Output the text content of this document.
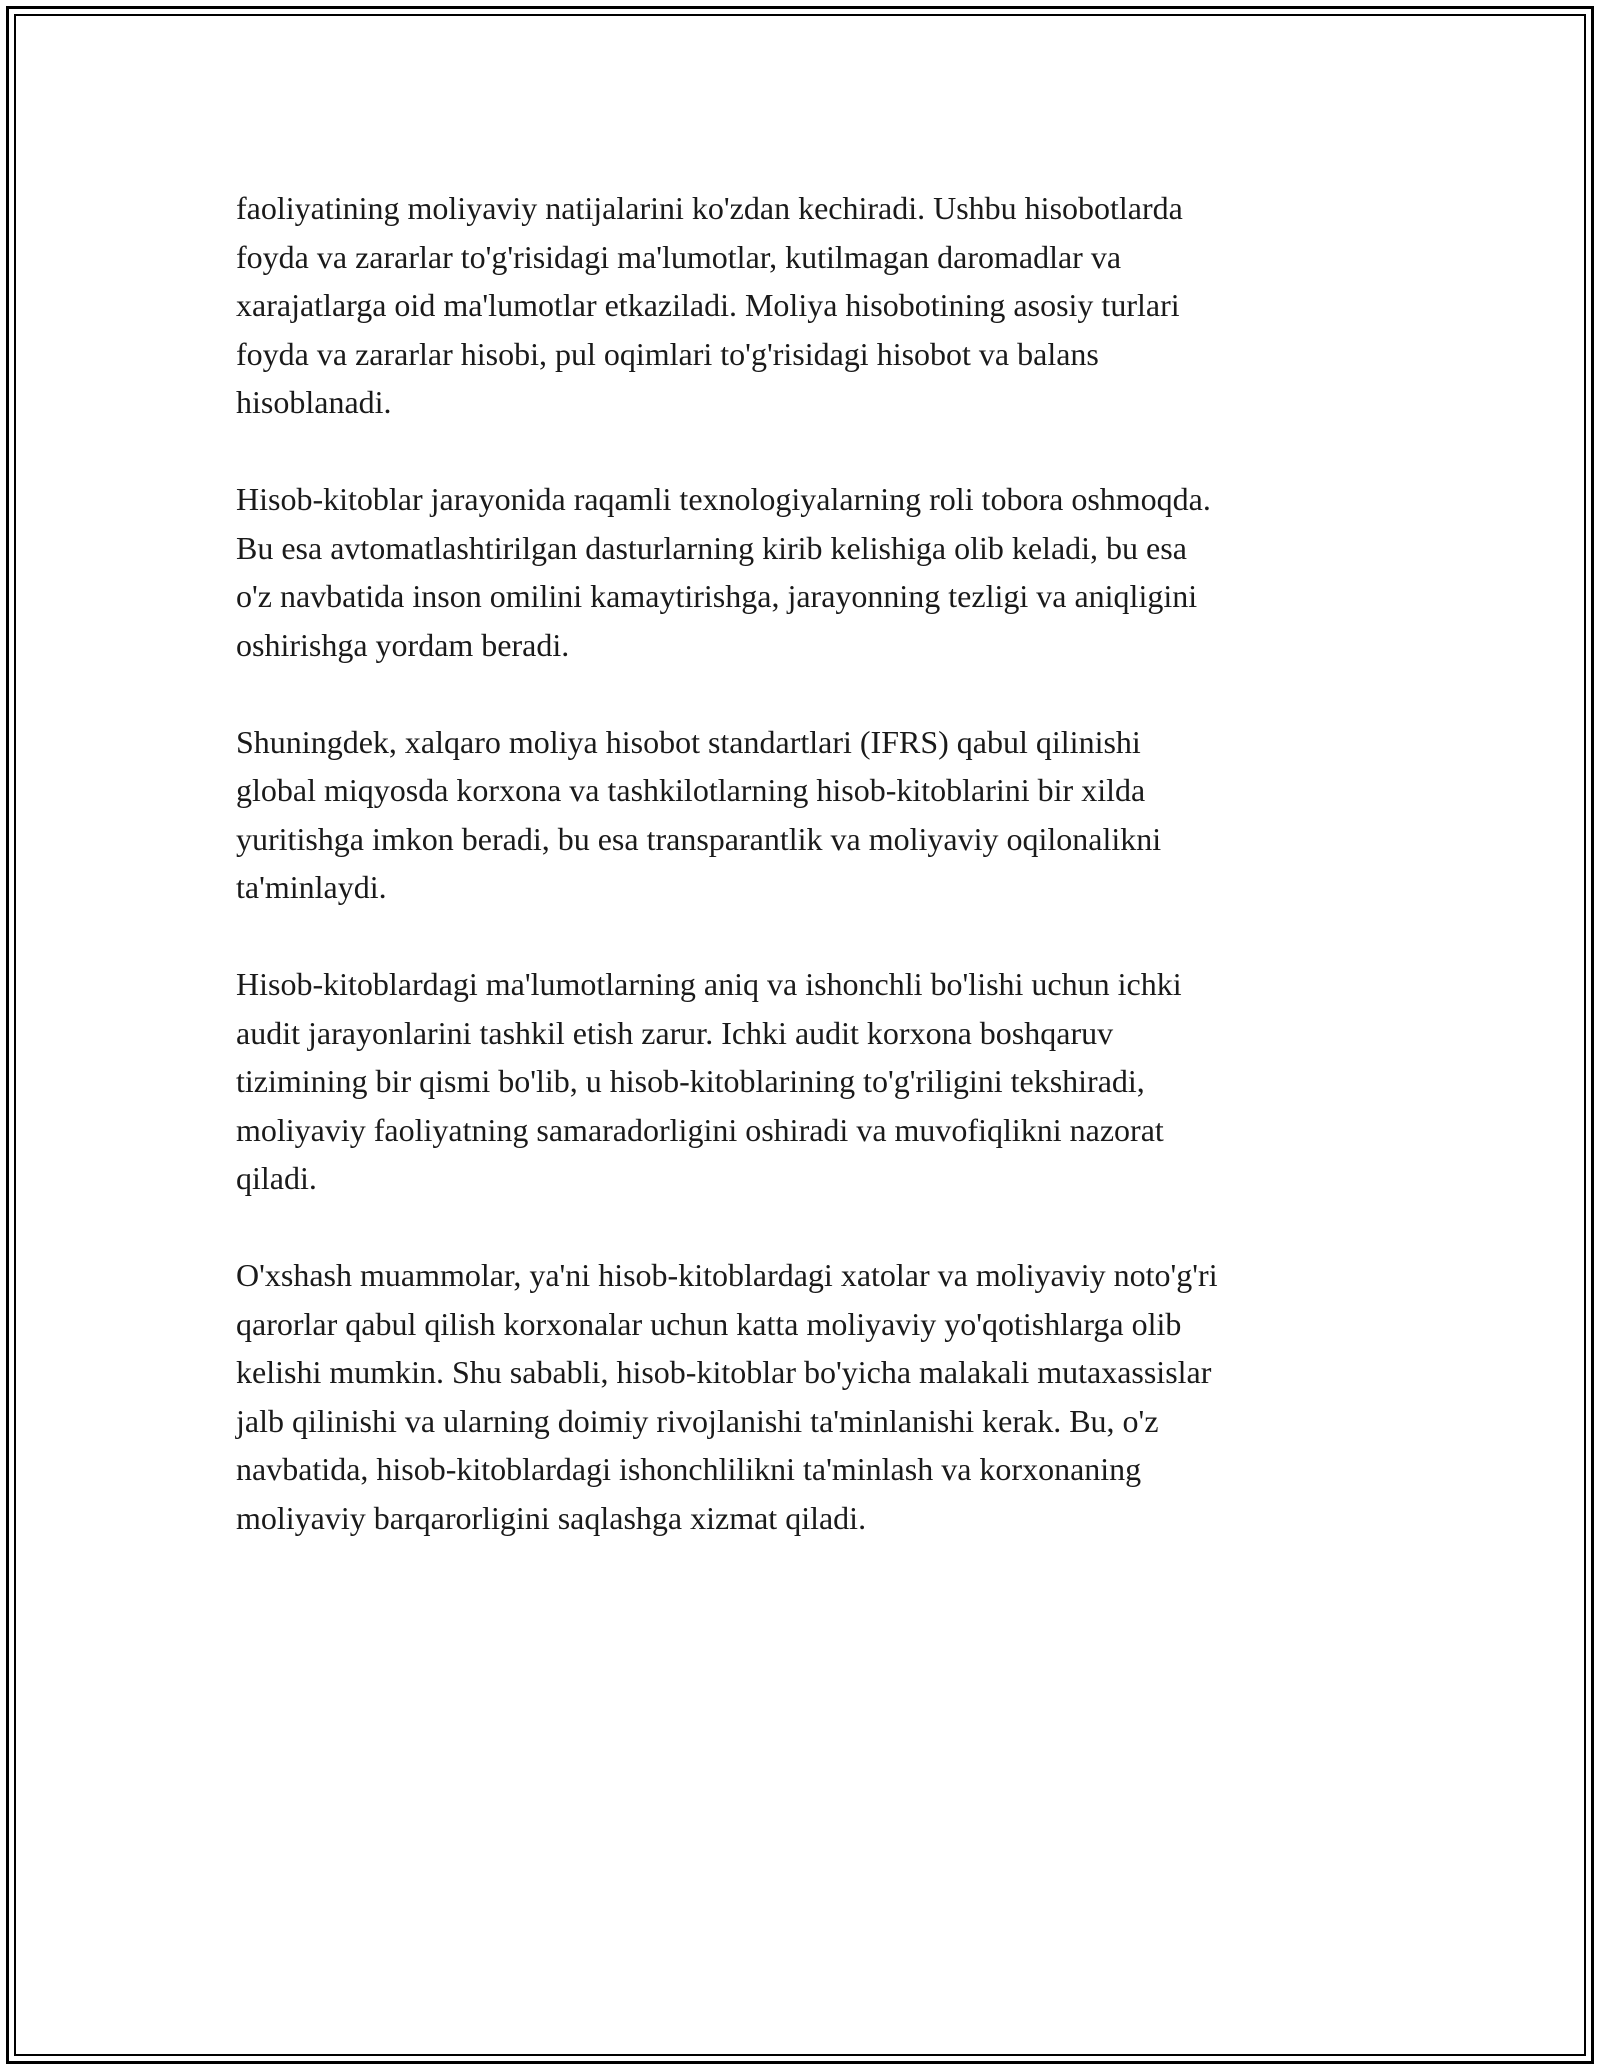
faoliyatining moliyaviy natijalarini ko'zdan kechiradi. Ushbu hisobotlarda
foyda va zararlar to'g'risidagi ma'lumotlar, kutilmagan daromadlar va
xarajatlarga oid ma'lumotlar etkaziladi. Moliya hisobotining asosiy turlari
foyda va zararlar hisobi, pul oqimlari to'g'risidagi hisobot va balans
hisoblanadi.

Hisob-kitoblar jarayonida raqamli texnologiyalarning roli tobora oshmoqda.
Bu esa avtomatlashtirilgan dasturlarning kirib kelishiga olib keladi, bu esa
o'z navbatida inson omilini kamaytirishga, jarayonning tezligi va aniqligini
oshirishga yordam beradi.

Shuningdek, xalqaro moliya hisobot standartlari (IFRS) qabul qilinishi
global miqyosda korxona va tashkilotlarning hisob-kitoblarini bir xilda
yuritishga imkon beradi, bu esa transparantlik va moliyaviy oqilonalikni
ta'minlaydi.

Hisob-kitoblardagi ma'lumotlarning aniq va ishonchli bo'lishi uchun ichki
audit jarayonlarini tashkil etish zarur. Ichki audit korxona boshqaruv
tizimining bir qismi bo'lib, u hisob-kitoblarining to'g'riligini tekshiradi,
moliyaviy faoliyatning samaradorligini oshiradi va muvofiqlikni nazorat
qiladi.

O'xshash muammolar, ya'ni hisob-kitoblardagi xatolar va moliyaviy noto'g'ri
qarorlar qabul qilish korxonalar uchun katta moliyaviy yo'qotishlarga olib
kelishi mumkin. Shu sababli, hisob-kitoblar bo'yicha malakali mutaxassislar
jalb qilinishi va ularning doimiy rivojlanishi ta'minlanishi kerak. Bu, o'z
navbatida, hisob-kitoblardagi ishonchlilikni ta'minlash va korxonaning
moliyaviy barqarorligini saqlashga xizmat qiladi.
